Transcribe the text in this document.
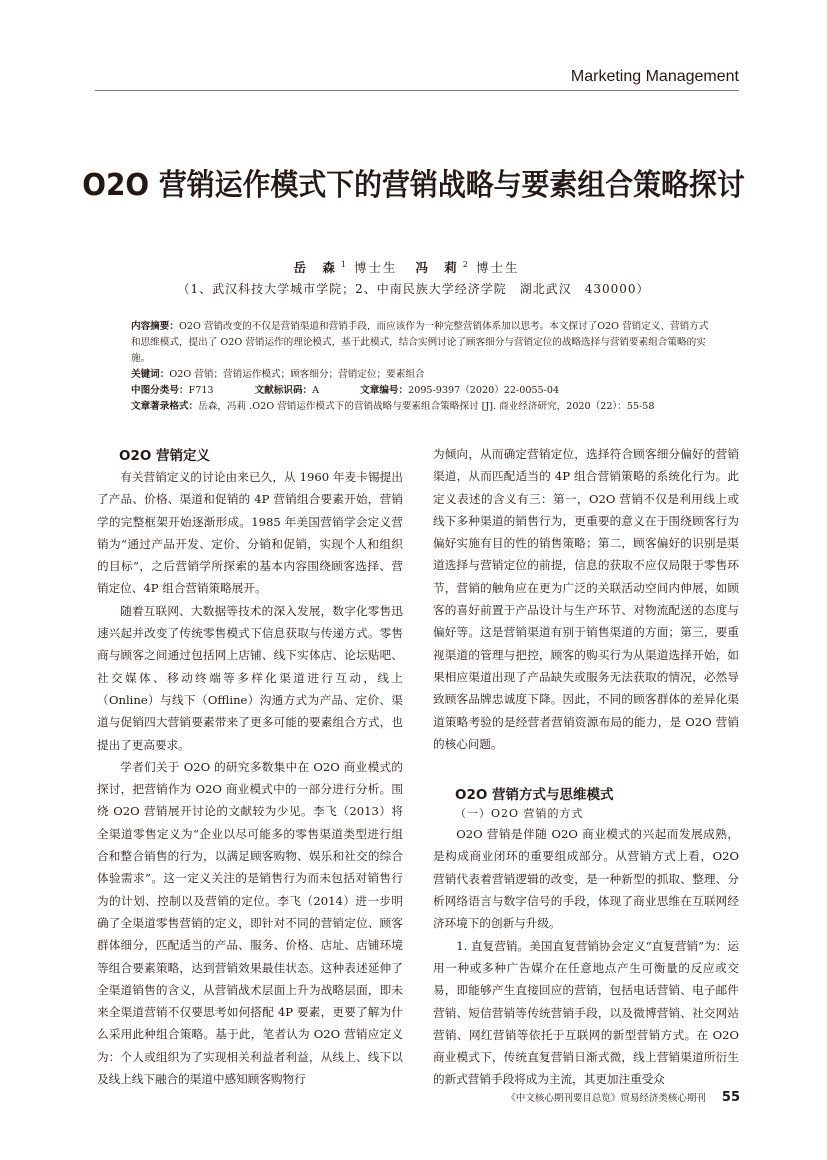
Marketing Management
O2O 营销运作模式下的营销战略与要素组合策略探讨
岳 森$^1$ 博士生 冯 莉$^2$ 博士生
（1、武汉科技大学城市学院；2、中南民族大学经济学院　湖北武汉　430000）
内容摘要：O2O 营销改变的不仅是营销渠道和营销手段，而应该作为一种完整营销体系加以思考。本文探讨了O2O 营销定义、营销方式和思维模式，提出了 O2O 营销运作的理论模式，基于此模式，结合实例讨论了顾客细分与营销定位的战略选择与营销要素组合策略的实施。
关键词：O2O 营销；营销运作模式；顾客细分；营销定位；要素组合
中图分类号：F713	文献标识码：A	文章编号：2095-9397（2020）22-0055-04
文章著录格式：岳森，冯莉 .O2O 营销运作模式下的营销战略与要素组合策略探讨 [J]. 商业经济研究，2020（22）：55-58
O2O 营销定义

有关营销定义的讨论由来已久，从 1960 年麦卡锡提出了产品、价格、渠道和促销的 4P 营销组合要素开始，营销学的完整框架开始逐渐形成。1985 年美国营销学会定义营销为“通过产品开发、定价、分销和促销，实现个人和组织的目标”，之后营销学所探索的基本内容围绕顾客选择、营销定位、4P 组合营销策略展开。

随着互联网、大数据等技术的深入发展，数字化零售迅速兴起并改变了传统零售模式下信息获取与传递方式。零售商与顾客之间通过包括网上店铺、线下实体店、论坛贴吧、社交媒体、移动终端等多样化渠道进行互动，线上（Online）与线下（Offline）沟通方式为产品、定价、渠道与促销四大营销要素带来了更多可能的要素组合方式，也提出了更高要求。

学者们关于 O2O 的研究多数集中在 O2O 商业模式的探讨，把营销作为 O2O 商业模式中的一部分进行分析。围绕 O2O 营销展开讨论的文献较为少见。李飞（2013）将全渠道零售定义为“企业以尽可能多的零售渠道类型进行组合和整合销售的行为，以满足顾客购物、娱乐和社交的综合体验需求”。这一定义关注的是销售行为而未包括对销售行为的计划、控制以及营销的定位。李飞（2014）进一步明确了全渠道零售营销的定义，即针对不同的营销定位、顾客群体细分，匹配适当的产品、服务、价格、店址、店铺环境等组合要素策略，达到营销效果最佳状态。这种表述延伸了全渠道销售的含义，从营销战术层面上升为战略层面，即未来全渠道营销不仅要思考如何搭配 4P 要素，更要了解为什么采用此种组合策略。基于此，笔者认为 O2O 营销应定义为：个人或组织为了实现相关利益者利益，从线上、线下以及线上线下融合的渠道中感知顾客购物行

为倾向，从而确定营销定位，选择符合顾客细分偏好的营销渠道，从而匹配适当的 4P 组合营销策略的系统化行为。此定义表述的含义有三：第一，O2O 营销不仅是利用线上或线下多种渠道的销售行为，更重要的意义在于围绕顾客行为偏好实施有目的性的销售策略；第二，顾客偏好的识别是渠道选择与营销定位的前提，信息的获取不应仅局限于零售环节，营销的触角应在更为广泛的关联活动空间内伸展，如顾客的喜好前置于产品设计与生产环节、对物流配送的态度与偏好等。这是营销渠道有别于销售渠道的方面；第三，要重视渠道的管理与把控，顾客的购买行为从渠道选择开始，如果相应渠道出现了产品缺失或服务无法获取的情况，必然导致顾客品牌忠诚度下降。因此，不同的顾客群体的差异化渠道策略考验的是经营者营销资源布局的能力，是 O2O 营销的核心问题。

O2O 营销方式与思维模式
（一）O2O 营销的方式

O2O 营销是伴随 O2O 商业模式的兴起而发展成熟，是构成商业闭环的重要组成部分。从营销方式上看，O2O 营销代表着营销逻辑的改变，是一种新型的抓取、整理、分析网络语言与数字信号的手段，体现了商业思维在互联网经济环境下的创新与升级。

1. 直复营销。美国直复营销协会定义“直复营销”为：运用一种或多种广告媒介在任意地点产生可衡量的反应或交易，即能够产生直接回应的营销，包括电话营销、电子邮件营销、短信营销等传统营销手段，以及微博营销、社交网站营销、网红营销等依托于互联网的新型营销方式。在 O2O 商业模式下，传统直复营销日渐式微，线上营销渠道所衍生的新式营销手段将成为主流，其更加注重受众

《中文核心期刊要目总览》贸易经济类核心期刊 55
